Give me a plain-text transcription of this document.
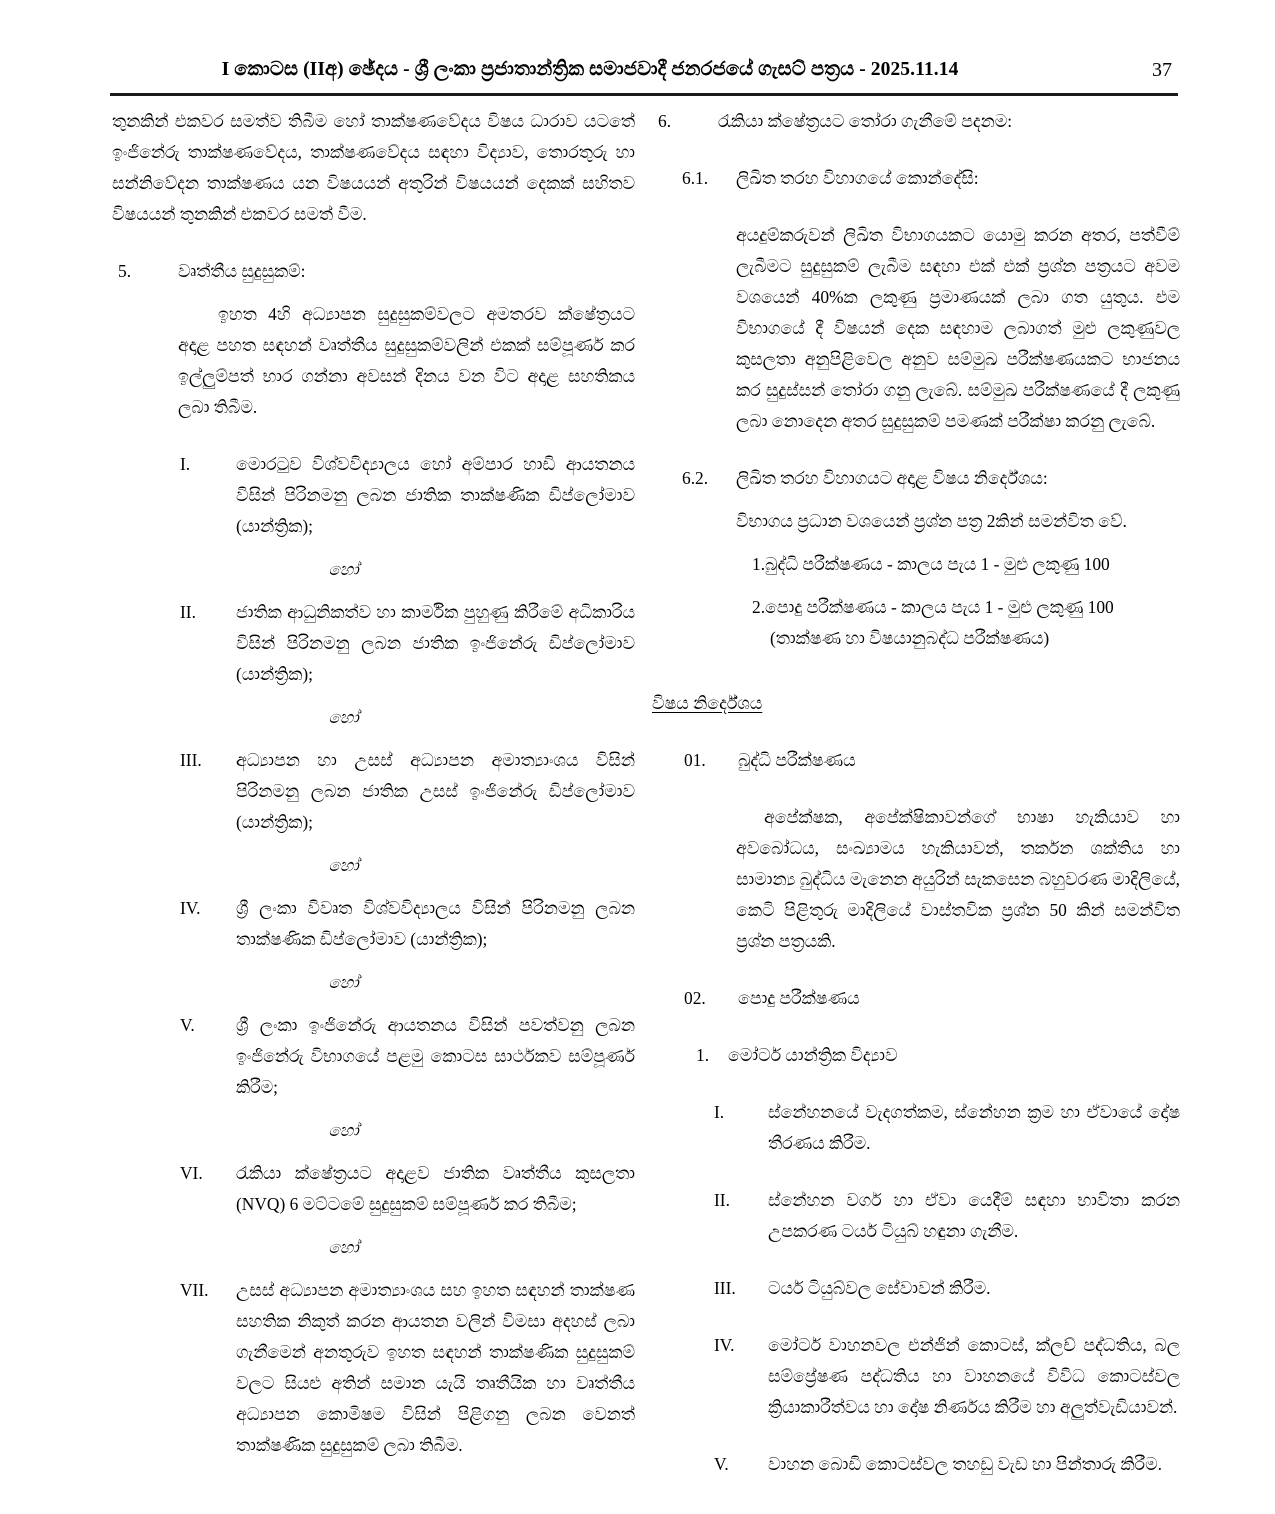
I කොටස (IIඅ) ඡේදය - ශ්‍රී ලංකා ප්‍රජාතාන්ත්‍රික සමාජවාදී ජනරජයේ ගැසට් පත්‍රය - 2025.11.14	37
තුනකින් එකවර සමත්ව තිබීම හෝ තාක්ෂණවේදය විෂය ධාරාව යටතේ ඉංජිනේරු තාක්ෂණවේදය, තාක්ෂණවේදය සඳහා විද්‍යාව, තොරතුරු හා සන්නිවේදන තාක්ෂණය යන විෂයයන් අතුරින් විෂයයන් දෙකක් සහිතව විෂයයන් තුනකින් එකවර සමත් වීම.
5.	වෘත්තීය සුදුසුකම්:
ඉහත 4හි අධ්‍යාපන සුදුසුකම්වලට අමතරව ක්ෂේත්‍රයට අදාළ පහත සඳහන් වෘත්තීය සුදුසුකම්වලින් එකක් සම්පූර්ණ කර ඉල්ලුම්පත් භාර ගන්නා අවසන් දිනය වන විට අදාළ සහතිකය ලබා තිබීම.
I.	මොරටුව විශ්වවිද්‍යාලය හෝ අම්පාර හාඩි ආයතනය විසින් පිරිනමනු ලබන ජාතික තාක්ෂණික ඩිප්ලෝමාව (යාන්ත්‍රික);
හෝ
II.	ජාතික ආධුනිකත්ව හා කාර්මික පුහුණු කිරීමේ අධිකාරිය විසින් පිරිනමනු ලබන ජාතික ඉංජිනේරු ඩිප්ලෝමාව (යාන්ත්‍රික);
හෝ
III.	අධ්‍යාපන හා උසස් අධ්‍යාපන අමාත්‍යාංශය විසින් පිරිනමනු ලබන ජාතික උසස් ඉංජිනේරු ඩිප්ලෝමාව (යාන්ත්‍රික);
හෝ
IV.	ශ්‍රී ලංකා විවෘත විශ්වවිද්‍යාලය විසින් පිරිනමනු ලබන තාක්ෂණික ඩිප්ලෝමාව (යාන්ත්‍රික);
හෝ
V.	ශ්‍රී ලංකා ඉංජිනේරු ආයතනය විසින් පවත්වනු ලබන ඉංජිනේරු විභාගයේ පළමු කොටස සාර්ථකව සම්පූර්ණ කිරීම;
හෝ
VI.	රැකියා ක්ෂේත්‍රයට අදාළව ජාතික වෘත්තීය කුසලතා (NVQ) 6 මට්ටමේ සුදුසුකම් සම්පූර්ණ කර තිබීම;
හෝ
VII.	උසස් අධ්‍යාපන අමාත්‍යාංශය සහ ඉහත සඳහන් තාක්ෂණ සහතික නිකුත් කරන ආයතන වලින් විමසා අදහස් ලබා ගැනීමෙන් අනතුරුව ඉහත සඳහන් තාක්ෂණික සුදුසුකම් වලට සියළු අතින් සමාන යැයි තෘතීයික හා වෘත්තීය අධ්‍යාපන කොමිෂම විසින් පිළිගනු ලබන වෙනත් තාක්ෂණික සුදුසුකම් ලබා තිබීම.
6.	රැකියා ක්ෂේත්‍රයට තෝරා ගැනීමේ පදනම:
6.1.	ලිඛිත තරහ විහාගයේ කොන්දේසි:
අයදුම්කරුවන් ලිඛිත විභාගයකට යොමු කරන අතර, පත්වීම් ලැබීමට සුදුසුකම් ලැබීම සඳහා එක් එක් ප්‍රශ්න පත්‍රයට අවම වශයෙන් 40%ක ලකුණු ප්‍රමාණයක් ලබා ගත යුතුය. එම විභාගයේ දී විෂයන් දෙක සඳහාම ලබාගත් මුළු ලකුණුවල කුසලතා අනුපිළිවෙල අනුව සම්මුඛ පරීක්ෂණයකට භාජනය කර සුදුස්සන් තෝරා ගනු ලැබේ. සම්මුඛ පරීක්ෂණයේ දී ලකුණු ලබා නොදෙන අතර සුදුසුකම් පමණක් පරීක්ෂා කරනු ලැබේ.
6.2.	ලිඛිත තරහ විහාගයට අදාළ විෂය නිර්දේශය:
විභාගය ප්‍රධාන වශයෙන් ප්‍රශ්න පත්‍ර 2කින් සමන්විත වේ.
1.බුද්ධි පරීක්ෂණය - කාලය පැය 1 - මුළු ලකුණු 100
2.පොදු පරීක්ෂණය - කාලය පැය 1 - මුළු ලකුණු 100
(තාක්ෂණ හා විෂයානුබද්ධ පරීක්ෂණය)
විෂය නිර්දේශය
01.	බුද්ධි පරීක්ෂණය
අපේක්ෂක, අපේක්ෂිකාවන්ගේ භාෂා හැකියාව හා අවබෝධය, සංඛ්‍යාමය හැකියාවන්, තර්කන ශක්තිය හා සාමාන්‍ය බුද්ධිය මැනෙන අයුරින් සැකසෙන බහුවරණ මාදිලියේ, කෙටි පිළිතුරු මාදිලියේ වාස්තවික ප්‍රශ්න 50 කින් සමන්විත ප්‍රශ්න පත්‍රයකි.
02.	පොදු පරීක්ෂණය
1.	මෝටර් යාන්ත්‍රික විද්‍යාව
I.	ස්නේහනයේ වැදගත්කම, ස්නේහන ක්‍රම හා ඒවායේ දෝෂ තීරණය කිරීම.
II.	ස්නේහන වර්ග හා ඒවා යෙදීම් සඳහා භාවිතා කරන උපකරණ ටයර් ටියුබ් හඳුනා ගැනීම.
III.	ටයර් ටියුබ්වල සේවාවන් කිරීම.
IV.	මෝටර් වාහනවල එන්ජින් කොටස්, ක්ලච් පද්ධතිය, බල සම්ප්‍රේෂණ පද්ධතිය හා වාහනයේ විවිධ කොටස්වල ක්‍රියාකාරීත්වය හා දෝෂ නිර්ණය කිරීම හා අලුත්වැඩියාවන්.
V.	වාහන බොඩි කොටස්වල තහඩු වැඩ හා පින්තාරු කිරීම.
